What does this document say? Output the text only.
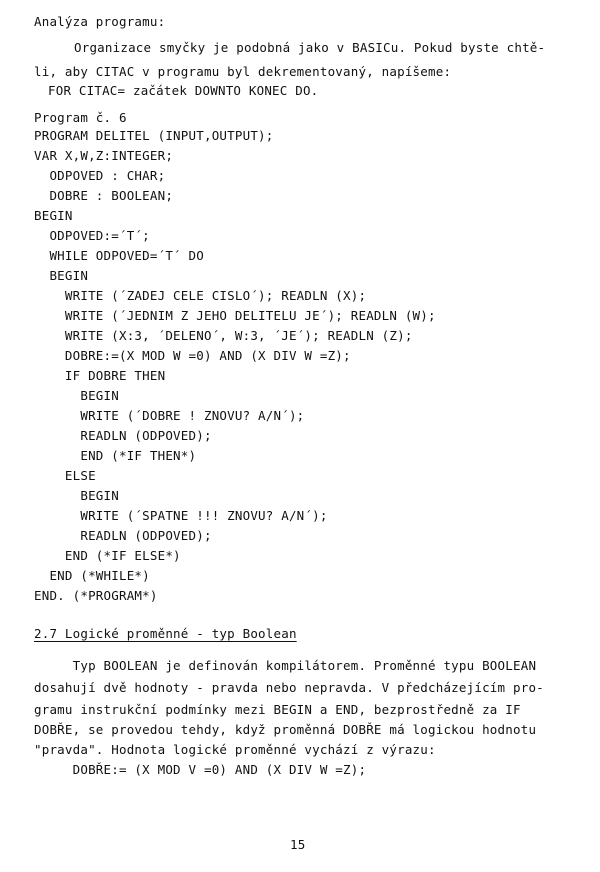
Analýza programu:
Organizace smyčky je podobná jako v BASICu. Pokud byste chtě-
li, aby CITAC v programu byl dekrementovaný, napíšeme:
FOR CITAC= začátek DOWNTO KONEC DO.
Program č. 6
PROGRAM DELITEL (INPUT,OUTPUT);
VAR X,W,Z:INTEGER;
ODPOVED : CHAR;
DOBRE : BOOLEAN;
BEGIN
ODPOVED:=´T´;
WHILE ODPOVED=´T´ DO
BEGIN
WRITE (´ZADEJ CELE CISLO´); READLN (X);
WRITE (´JEDNIM Z JEHO DELITELU JE´); READLN (W);
WRITE (X:3, ´DELENO´, W:3, ´JE´); READLN (Z);
DOBRE:=(X MOD W =0) AND (X DIV W =Z);
IF DOBRE THEN
BEGIN
WRITE (´DOBRE ! ZNOVU? A/N´);
READLN (ODPOVED);
END (*IF THEN*)
ELSE
BEGIN
WRITE (´SPATNE !!! ZNOVU? A/N´);
READLN (ODPOVED);
END (*IF ELSE*)
END (*WHILE*)
END. (*PROGRAM*)
2.7 Logické proměnné - typ Boolean
Typ BOOLEAN je definován kompilátorem. Proměnné typu BOOLEAN
dosahují dvě hodnoty - pravda nebo nepravda. V předcházejícím pro-
gramu instrukční podmínky mezi BEGIN a END, bezprostředně za IF
DOBŘE, se provedou tehdy, když proměnná DOBŘE má logickou hodnotu
"pravda". Hodnota logické proměnné vychází z výrazu:
DOBŘE:= (X MOD V =0) AND (X DIV W =Z);
15
